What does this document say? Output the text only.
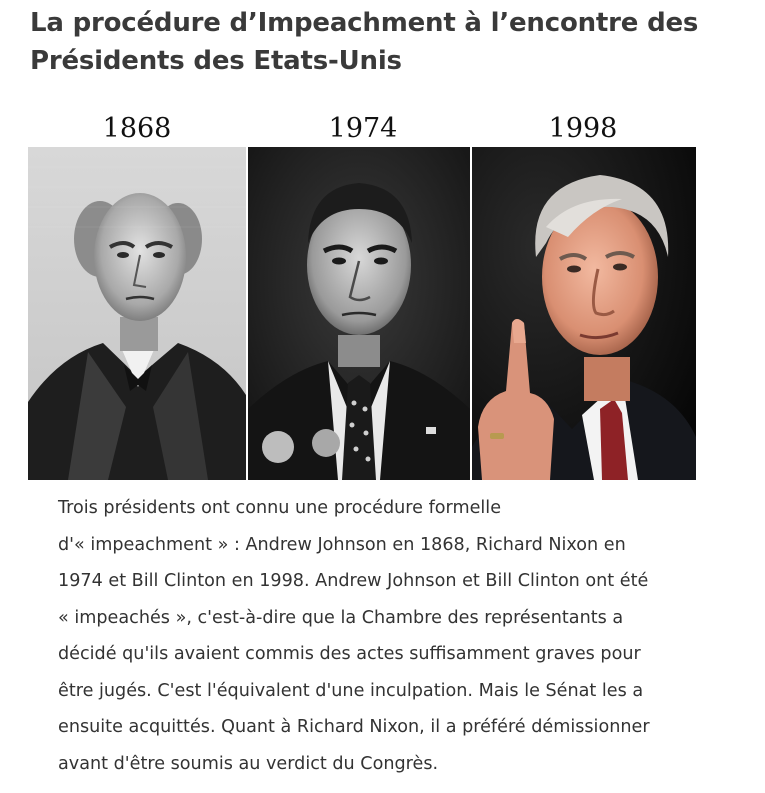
La procédure d’Impeachment à l’encontre des
Présidents des Etats-Unis
1868	1974	1998

Trois présidents ont connu une procédure formelle
d'« impeachment » : Andrew Johnson en 1868, Richard Nixon en
1974 et Bill Clinton en 1998. Andrew Johnson et Bill Clinton ont été
« impeachés », c'est-à-dire que la Chambre des représentants a
décidé qu'ils avaient commis des actes suffisamment graves pour
être jugés. C'est l'équivalent d'une inculpation. Mais le Sénat les a
ensuite acquittés. Quant à Richard Nixon, il a préféré démissionner
avant d'être soumis au verdict du Congrès.
